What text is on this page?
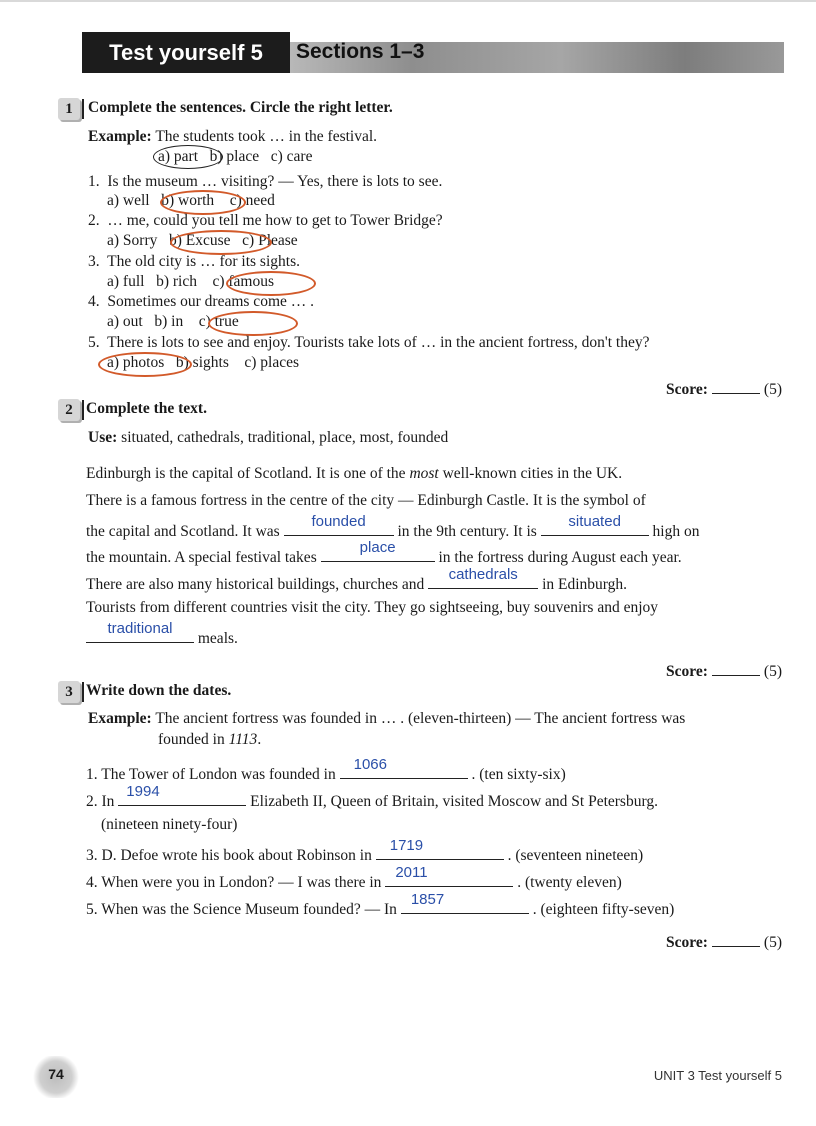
Test yourself 5	Sections 1–3
1 Complete the sentences. Circle the right letter.
Example: The students took … in the festival.
a) part b) place c) care
1. Is the museum … visiting? — Yes, there is lots to see.
a) well b) worth c) need
2. … me, could you tell me how to get to Tower Bridge?
a) Sorry b) Excuse c) Please
3. The old city is … for its sights.
a) full b) rich c) famous
4. Sometimes our dreams come … .
a) out b) in c) true
5. There is lots to see and enjoy. Tourists take lots of … in the ancient fortress, don't they?
a) photos b) sights c) places
Score:	(5)
2 Complete the text.
Use: situated, cathedrals, traditional, place, most, founded
Edinburgh is the capital of Scotland. It is one of the most well-known cities in the UK.
There is a famous fortress in the centre of the city — Edinburgh Castle. It is the symbol of
the capital and Scotland. It was
founded
in the 9th century. It is
situated
high on
the mountain. A special festival takes
place
in the fortress during August each year.
There are also many historical buildings, churches and
cathedrals
in Edinburgh.
Tourists from different countries visit the city. They go sightseeing, buy souvenirs and enjoy
traditional
meals.
Score:	(5)
3 Write down the dates.
Example: The ancient fortress was founded in … . (eleven-thirteen) — The ancient fortress was
founded in 1113.
1. The Tower of London was founded in
1066
. (ten sixty-six)
2. In
1994
Elizabeth II, Queen of Britain, visited Moscow and St Petersburg.
(nineteen ninety-four)
3. D. Defoe wrote his book about Robinson in
1719
. (seventeen nineteen)
4. When were you in London? — I was there in
2011
. (twenty eleven)
5. When was the Science Museum founded? — In
1857
. (eighteen fifty-seven)
Score:	(5)
74	UNIT 3 Test yourself 5
